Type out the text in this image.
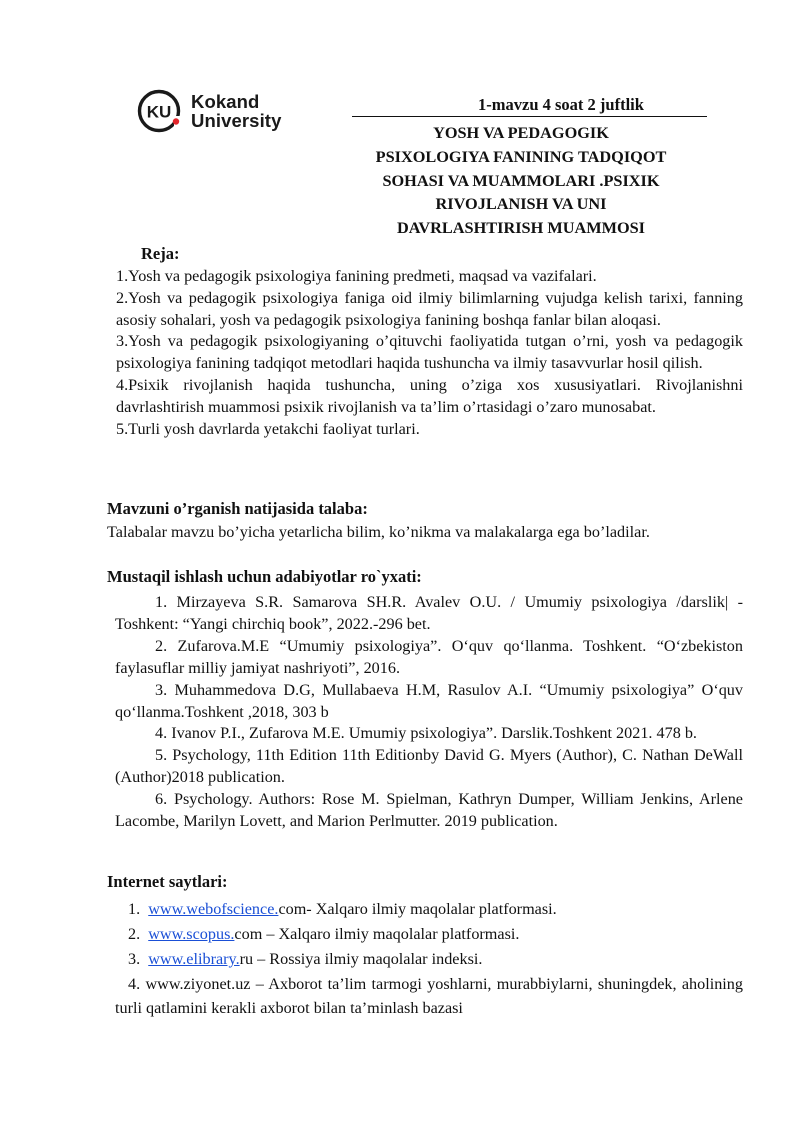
KU Kokand
University
1-mavzu 4 soat 2 juftlik
YOSH VA PEDAGOGIK
PSIXOLOGIYA FANINING TADQIQOT
SOHASI VA MUAMMOLARI .PSIXIK
RIVOJLANISH VA UNI
DAVRLASHTIRISH MUAMMOSI
Reja:

1.Yosh va pedagogik psixologiya fanining predmeti, maqsad va vazifalari.

2.Yosh va pedagogik psixologiya faniga oid ilmiy bilimlarning vujudga kelish tarixi, fanning asosiy sohalari, yosh va pedagogik psixologiya fanining boshqa fanlar bilan aloqasi.

3.Yosh va pedagogik psixologiyaning o’qituvchi faoliyatida tutgan o’rni, yosh va pedagogik psixologiya fanining tadqiqot metodlari haqida tushuncha va ilmiy tasavvurlar hosil qilish.

4.Psixik rivojlanish haqida tushuncha, uning o’ziga xos xususiyatlari. Rivojlanishni davrlashtirish muammosi psixik rivojlanish va ta’lim o’rtasidagi o’zaro munosabat.

5.Turli yosh davrlarda yetakchi faoliyat turlari.

Mavzuni o’rganish natijasida talaba:
Talabalar mavzu bo’yicha yetarlicha bilim, ko’nikma va malakalarga ega bo’ladilar.
Mustaqil ishlash uchun adabiyotlar ro`yxati:

1. Mirzayeva S.R. Samarova SH.R. Avalev O.U. / Umumiy psixologiya /darslik| -Toshkent: “Yangi chirchiq book”, 2022.-296 bet.

2. Zufarova.M.E “Umumiy psixologiya”. O‘quv qo‘llanma. Toshkent. “O‘zbekiston faylasuflar milliy jamiyat nashriyoti”, 2016.

3. Muhammedova D.G, Mullabaeva H.M, Rasulov A.I. “Umumiy psixologiya” O‘quv qo‘llanma.Toshkent ,2018, 303 b

4. Ivanov P.I., Zufarova M.E. Umumiy psixologiya”. Darslik.Toshkent 2021. 478 b.

5. Psychology, 11th Edition 11th Editionby David G. Myers (Author), C. Nathan DeWall (Author)2018 publication.

6. Psychology. Authors: Rose M. Spielman, Kathryn Dumper, William Jenkins, Arlene Lacombe, Marilyn Lovett, and Marion Perlmutter. 2019 publication.

Internet saytlari:
1. www.webofscience.com- Xalqaro ilmiy maqolalar platformasi.
2. www.scopus.com – Xalqaro ilmiy maqolalar platformasi.
3. www.elibrary.ru – Rossiya ilmiy maqolalar indeksi.
4. www.ziyonet.uz – Axborot ta’lim tarmogi yoshlarni, murabbiylarni, shuningdek, aholining turli qatlamini kerakli axborot bilan ta’minlash bazasi
